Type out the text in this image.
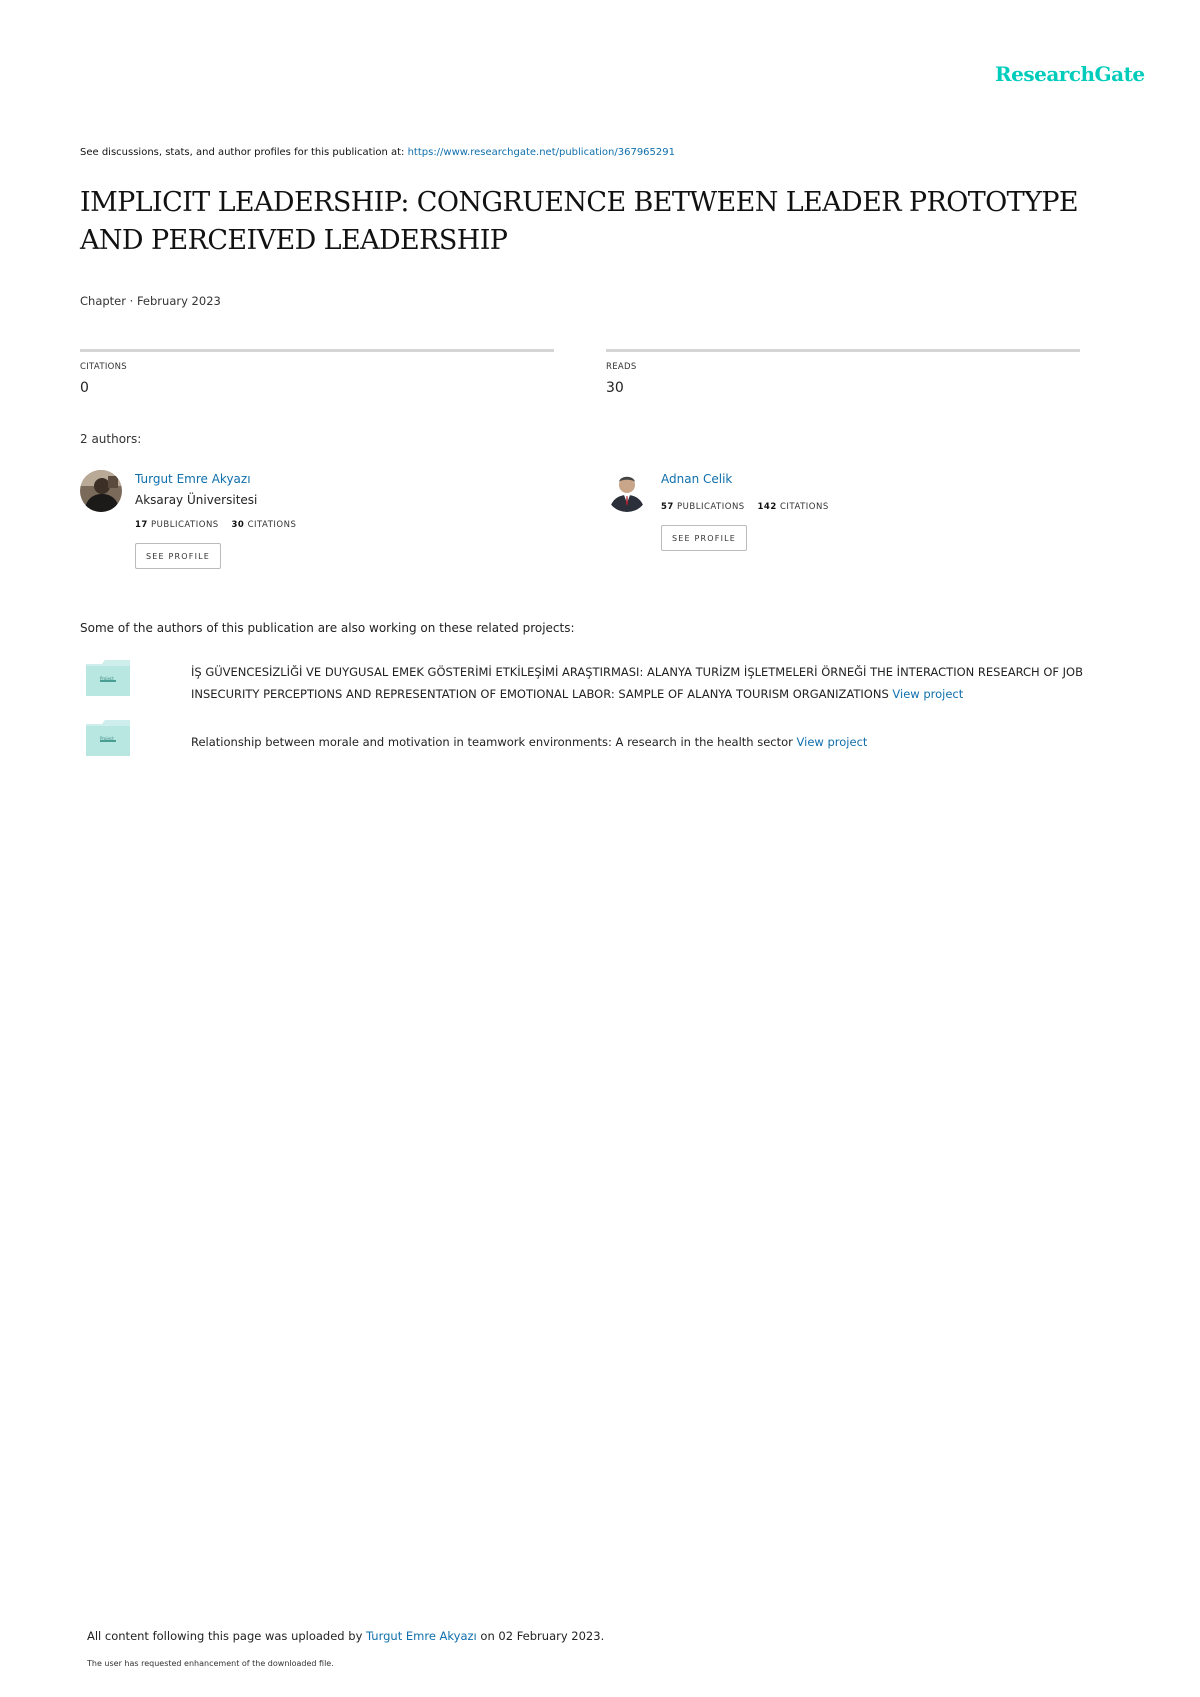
ResearchGate
See discussions, stats, and author profiles for this publication at: https://www.researchgate.net/publication/367965291
IMPLICIT LEADERSHIP: CONGRUENCE BETWEEN LEADER PROTOTYPE AND PERCEIVED LEADERSHIP
Chapter · February 2023
CITATIONS
0
READS
30
2 authors:
Turgut Emre Akyazı
Aksaray Üniversitesi
17 PUBLICATIONS 30 CITATIONS
SEE PROFILE
Adnan Celik
57 PUBLICATIONS 142 CITATIONS
SEE PROFILE
Some of the authors of this publication are also working on these related projects:
Project	İŞ GÜVENCESİZLİĞİ VE DUYGUSAL EMEK GÖSTERİMİ ETKİLEŞİMİ ARAŞTIRMASI: ALANYA TURİZM İŞLETMELERİ ÖRNEĞİ THE İNTERACTION RESEARCH OF JOB INSECURITY PERCEPTIONS AND REPRESENTATION OF EMOTIONAL LABOR: SAMPLE OF ALANYA TOURISM ORGANIZATIONS View project
Project	Relationship between morale and motivation in teamwork environments: A research in the health sector View project
All content following this page was uploaded by Turgut Emre Akyazı on 02 February 2023.
The user has requested enhancement of the downloaded file.
